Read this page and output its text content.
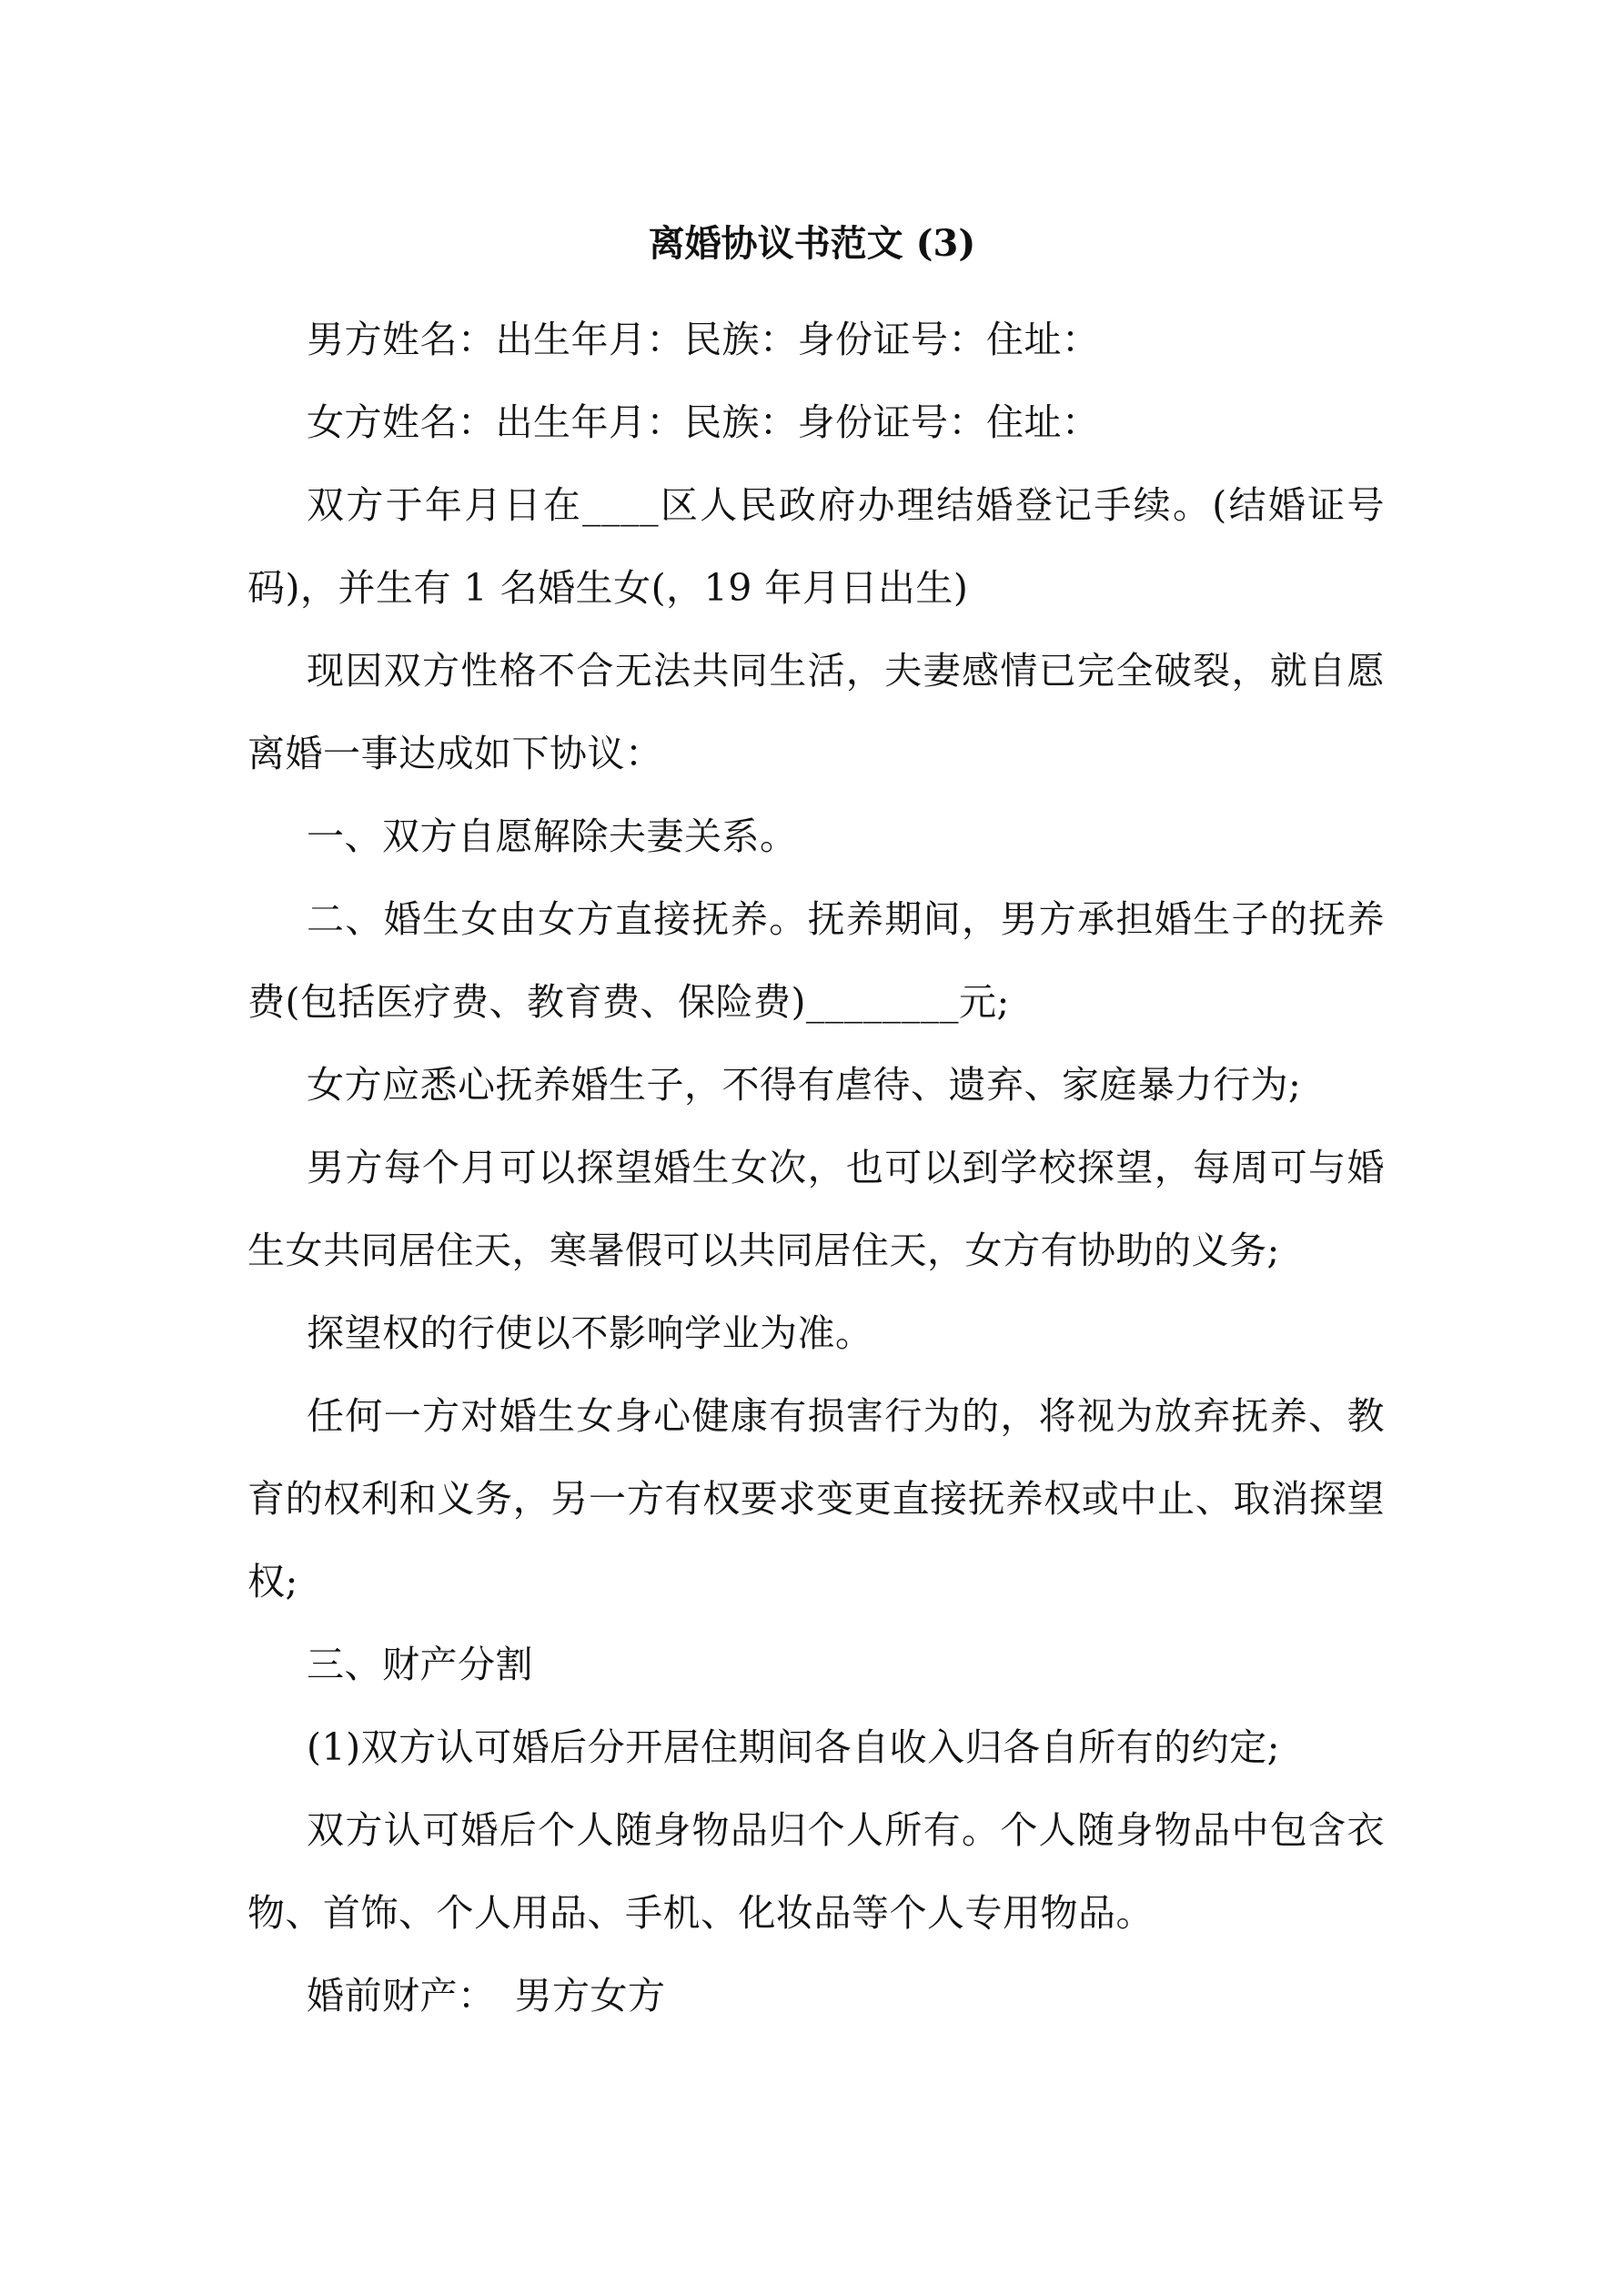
离婚协议书范文 (3)

男方姓名：出生年月：民族：身份证号：住址：

女方姓名：出生年月：民族：身份证号：住址：

双方于年月日在____区人民政府办理结婚登记手续。(结婚证号码)，并生有 1 名婚生女(，19 年月日出生)

现因双方性格不合无法共同生活，夫妻感情已完全破裂，就自愿离婚一事达成如下协议：

一、双方自愿解除夫妻关系。

二、婚生女由女方直接抚养。抚养期间，男方承担婚生子的抚养费(包括医疗费、教育费、保险费)________元;

女方应悉心抚养婚生子，不得有虐待、遗弃、家庭暴力行为;

男方每个月可以探望婚生女次，也可以到学校探望，每周可与婚生女共同居住天，寒暑假可以共同居住天，女方有协助的义务;

探望权的行使以不影响学业为准。

任何一方对婚生女身心健康有损害行为的，将视为放弃抚养、教育的权利和义务，另一方有权要求变更直接抚养权或中止、取消探望权;

三、财产分割

(1)双方认可婚后分开居住期间各自收入归各自所有的约定;

双方认可婚后个人随身物品归个人所有。个人随身物品中包含衣物、首饰、个人用品、手机、化妆品等个人专用物品。

婚前财产：　男方女方
